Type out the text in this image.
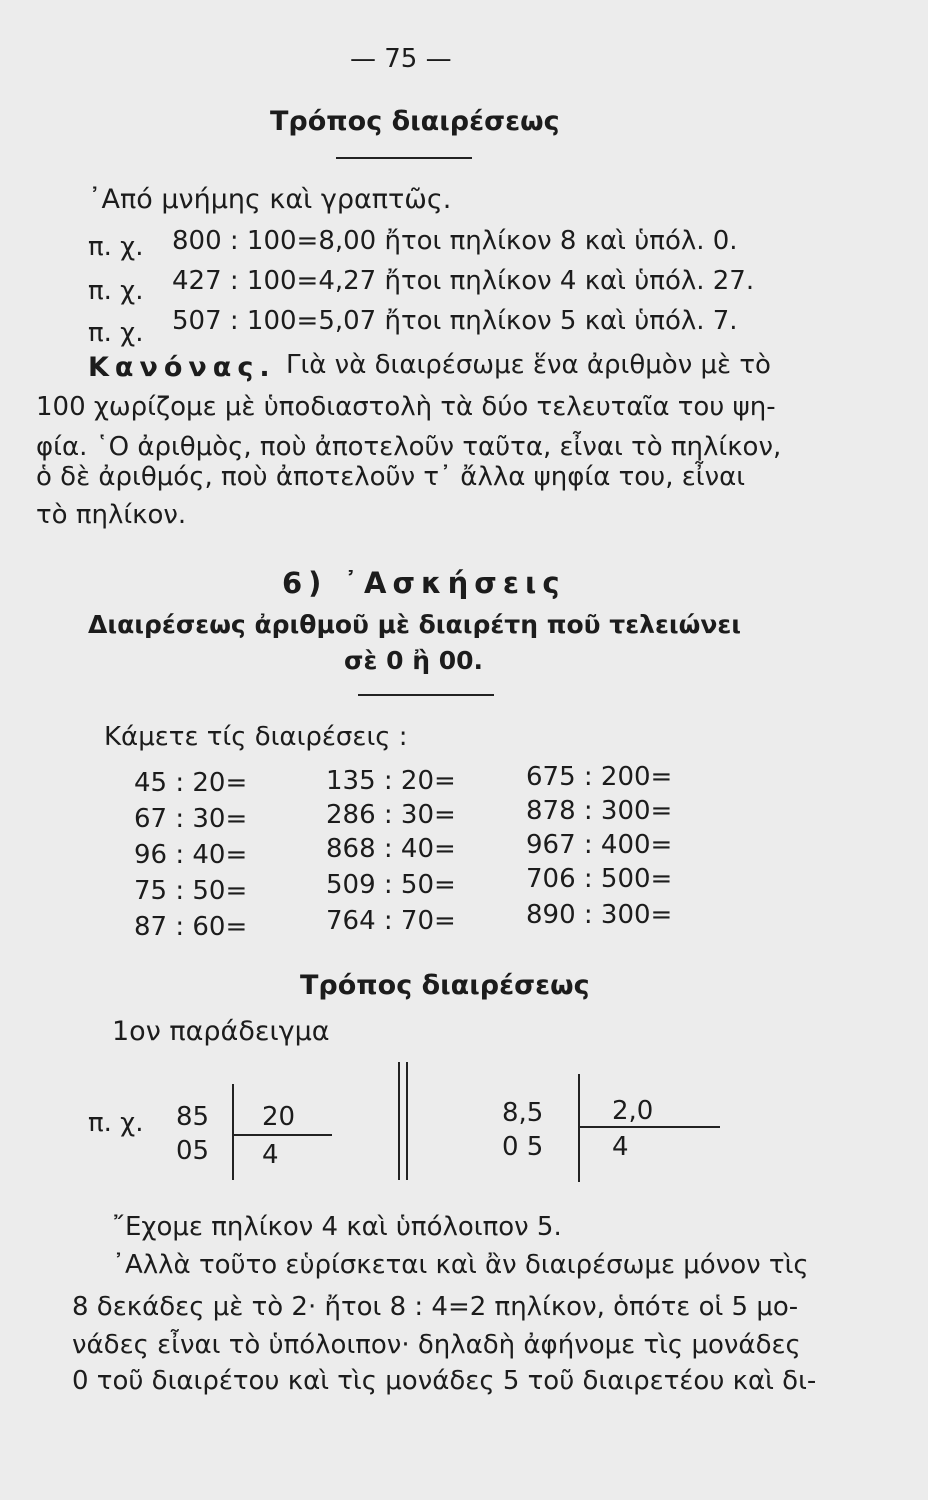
— 75 —
Τρόπος διαιρέσεως
᾿Από μνήμης καὶ γραπτῶς.
π. χ. 800 : 100=8,00 ἤτοι πηλίκον 8 καὶ ὑπόλ. 0.
π. χ. 427 : 100=4,27 ἤτοι πηλίκον 4 καὶ ὑπόλ. 27.
π. χ. 507 : 100=5,07 ἤτοι πηλίκον 5 καὶ ὑπόλ. 7.
Κανόνας. Γιὰ νὰ διαιρέσωμε ἕνα ἀριθμὸν μὲ τὸ
100 χωρίζομε μὲ ὑποδιαστολὴ τὰ δύο τελευταῖα του ψη-
φία. ῾Ο ἀριθμὸς, ποὺ ἀποτελοῦν ταῦτα, εἶναι τὸ πηλίκον,
ὁ δὲ ἀριθμός, ποὺ ἀποτελοῦν τ᾿ ἄλλα ψηφία του, εἶναι
τὸ πηλίκον.
6) ᾿Ασκήσεις
Διαιρέσεως ἀριθμοῦ μὲ διαιρέτη ποῦ τελειώνει
σὲ 0 ἢ 00.
Κάμετε τίς διαιρέσεις :
45 : 20=
67 : 30=
96 : 40=
75 : 50=
87 : 60=
135 : 20=
286 : 30=
868 : 40=
509 : 50=
764 : 70=
675 : 200=
878 : 300=
967 : 400=
706 : 500=
890 : 300=
Τρόπος διαιρέσεως
1ον παράδειγμα
π. χ. 85
05
20
4
8,5
0 5
2,0
4
῎Εχομε πηλίκον 4 καὶ ὑπόλοιπον 5.
᾿Αλλὰ τοῦτο εὑρίσκεται καὶ ἂν διαιρέσωμε μόνον τὶς
8 δεκάδες μὲ τὸ 2· ἤτοι 8 : 4=2 πηλίκον, ὁπότε οἱ 5 μο-
νάδες εἶναι τὸ ὑπόλοιπον· δηλαδὴ ἀφήνομε τὶς μονάδες
0 τοῦ διαιρέτου καὶ τὶς μονάδες 5 τοῦ διαιρετέου καὶ δι-
